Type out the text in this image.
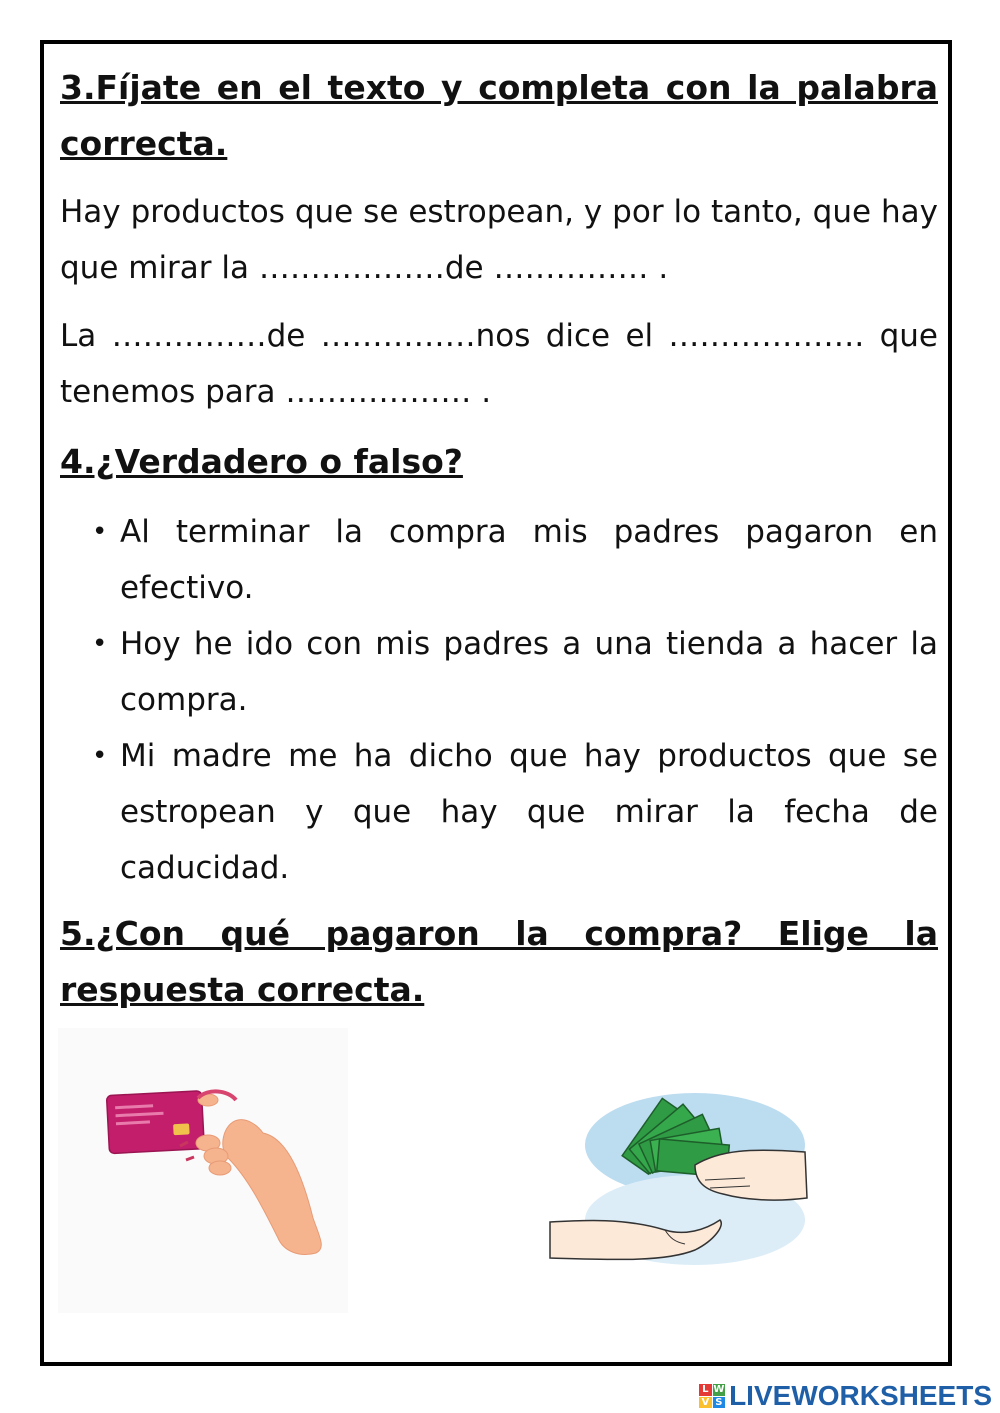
3.Fíjate en el texto y completa con la palabra correcta.

Hay productos que se estropean, y por lo tanto, que hay que mirar la ………………de …………… .

La ……………de ……………nos dice el ………………. que tenemos para ……………… .

4.¿Verdadero o falso?

• Al terminar la compra mis padres pagaron en efectivo.
• Hoy he ido con mis padres a una tienda a hacer la compra.
• Mi madre me ha dicho que hay productos que se estropean y que hay que mirar la fecha de caducidad.

5.¿Con qué pagaron la compra? Elige la respuesta correcta.

L W
V S LIVEWORKSHEETS
